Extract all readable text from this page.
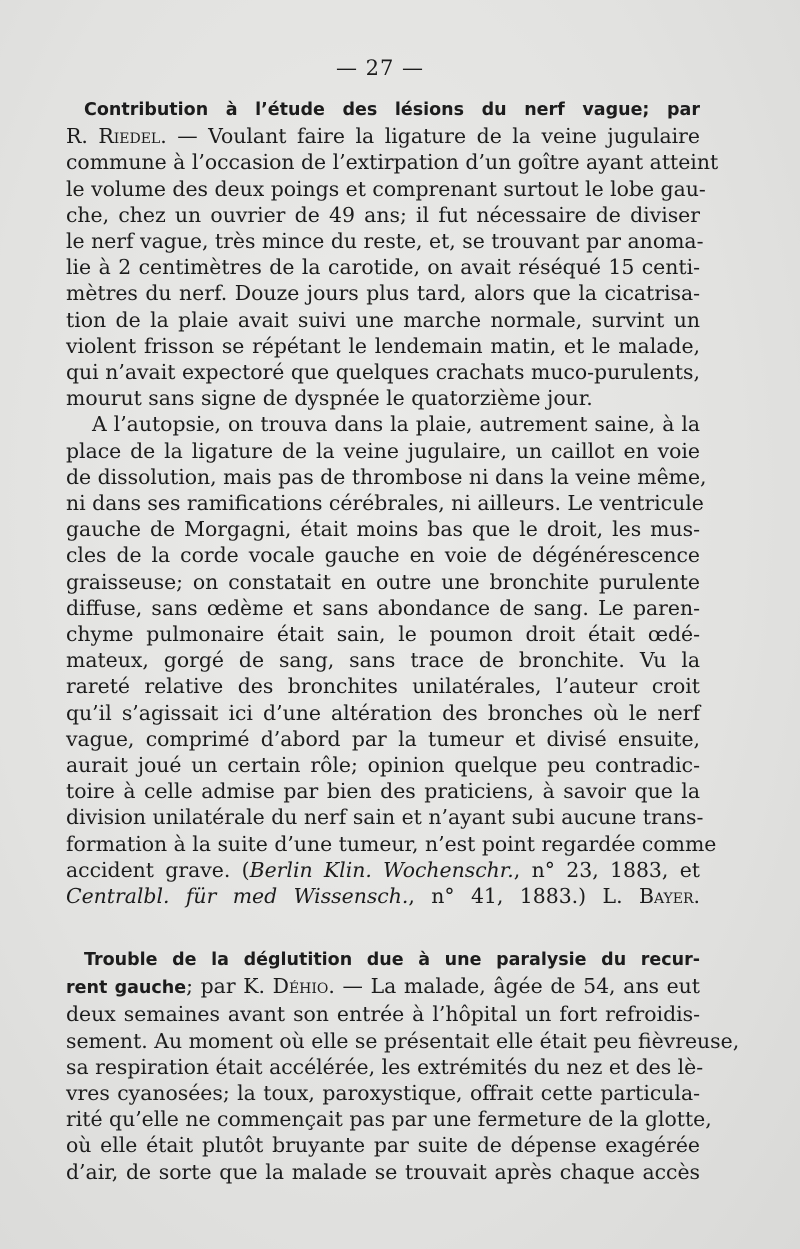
— 27 —
Contribution à l’étude des lésions du nerf vague; par
R. Riedel. — Voulant faire la ligature de la veine jugulaire
commune à l’occasion de l’extirpation d’un goître ayant atteint
le volume des deux poings et comprenant surtout le lobe gau-
che, chez un ouvrier de 49 ans; il fut nécessaire de diviser
le nerf vague, très mince du reste, et, se trouvant par anoma-
lie à 2 centimètres de la carotide, on avait réséqué 15 centi-
mètres du nerf. Douze jours plus tard, alors que la cicatrisa-
tion de la plaie avait suivi une marche normale, survint un
violent frisson se répétant le lendemain matin, et le malade,
qui n’avait expectoré que quelques crachats muco-purulents,
mourut sans signe de dyspnée le quatorzième jour.
A l’autopsie, on trouva dans la plaie, autrement saine, à la
place de la ligature de la veine jugulaire, un caillot en voie
de dissolution, mais pas de thrombose ni dans la veine même,
ni dans ses ramifications cérébrales, ni ailleurs. Le ventricule
gauche de Morgagni, était moins bas que le droit, les mus-
cles de la corde vocale gauche en voie de dégénérescence
graisseuse; on constatait en outre une bronchite purulente
diffuse, sans œdème et sans abondance de sang. Le paren-
chyme pulmonaire était sain, le poumon droit était œdé-
mateux, gorgé de sang, sans trace de bronchite. Vu la
rareté relative des bronchites unilatérales, l’auteur croit
qu’il s’agissait ici d’une altération des bronches où le nerf
vague, comprimé d’abord par la tumeur et divisé ensuite,
aurait joué un certain rôle; opinion quelque peu contradic-
toire à celle admise par bien des praticiens, à savoir que la
division unilatérale du nerf sain et n’ayant subi aucune trans-
formation à la suite d’une tumeur, n’est point regardée comme
accident grave. (Berlin Klin. Wochenschr., n° 23, 1883, et
Centralbl. für med Wissensch., n° 41, 1883.) L. Bayer.
Trouble de la déglutition due à une paralysie du recur-
rent gauche; par K. Déhio. — La malade, âgée de 54, ans eut
deux semaines avant son entrée à l’hôpital un fort refroidis-
sement. Au moment où elle se présentait elle était peu fièvreuse,
sa respiration était accélérée, les extrémités du nez et des lè-
vres cyanosées; la toux, paroxystique, offrait cette particula-
rité qu’elle ne commençait pas par une fermeture de la glotte,
où elle était plutôt bruyante par suite de dépense exagérée
d’air, de sorte que la malade se trouvait après chaque accès
